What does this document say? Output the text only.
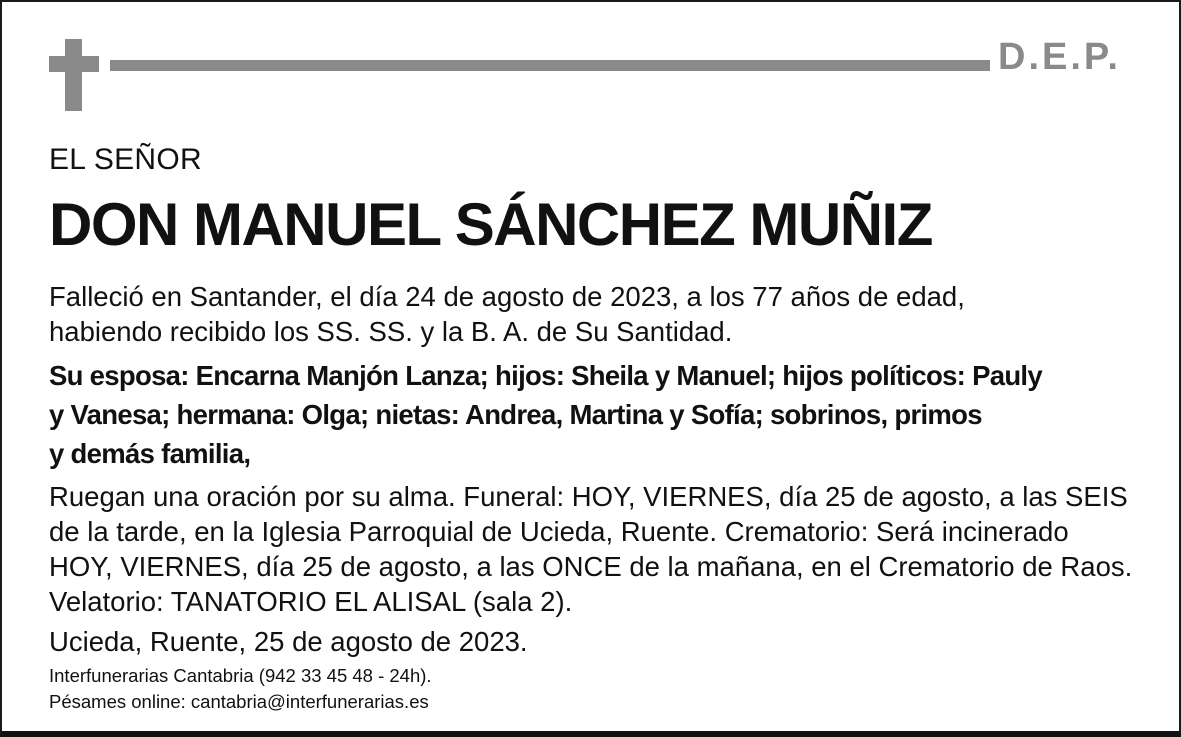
D.E.P.
EL SEÑOR
DON MANUEL SÁNCHEZ MUÑIZ
Falleció en Santander, el día 24 de agosto de 2023, a los 77 años de edad,
habiendo recibido los SS. SS. y la B. A. de Su Santidad.
Su esposa: Encarna Manjón Lanza; hijos: Sheila y Manuel; hijos políticos: Pauly
y Vanesa; hermana: Olga; nietas: Andrea, Martina y Sofía; sobrinos, primos
y demás familia,
Ruegan una oración por su alma. Funeral: HOY, VIERNES, día 25 de agosto, a las SEIS
de la tarde, en la Iglesia Parroquial de Ucieda, Ruente. Crematorio: Será incinerado
HOY, VIERNES, día 25 de agosto, a las ONCE de la mañana, en el Crematorio de Raos.
Velatorio: TANATORIO EL ALISAL (sala 2).
Ucieda, Ruente, 25 de agosto de 2023.
Interfunerarias Cantabria (942 33 45 48 - 24h).
Pésames online: cantabria@interfunerarias.es
